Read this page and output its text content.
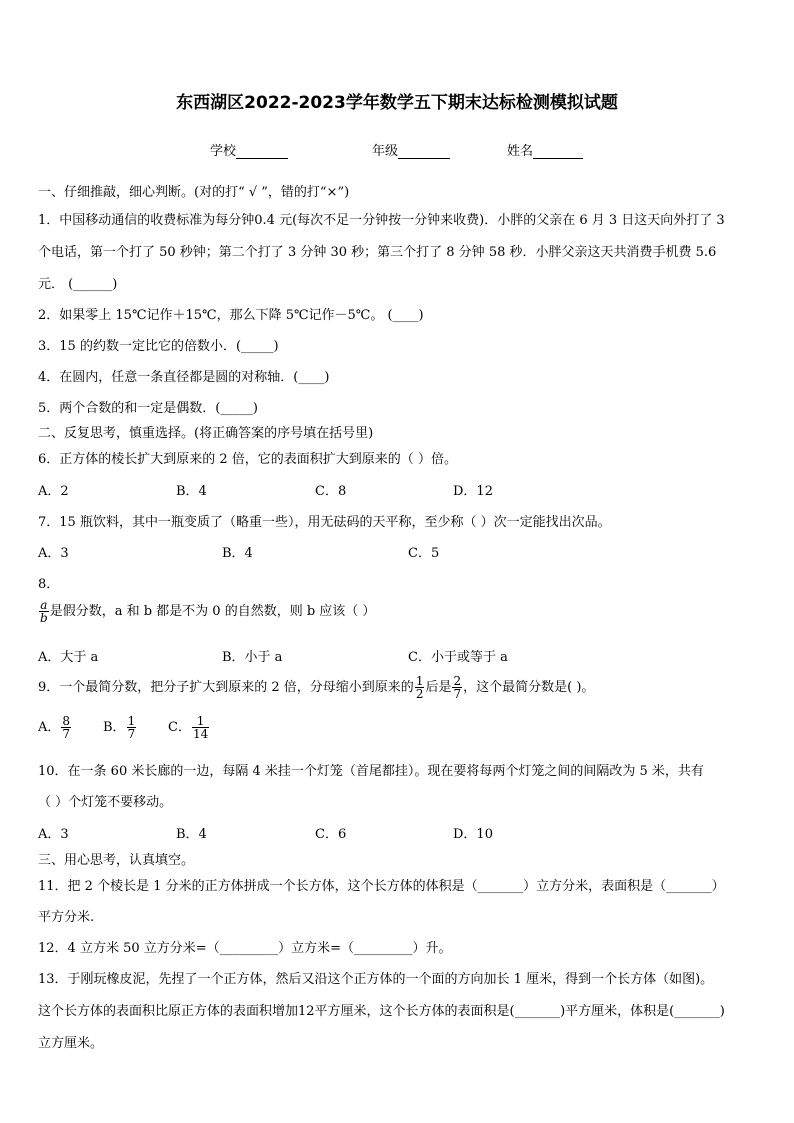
东西湖区2022-2023学年数学五下期末达标检测模拟试题
学校	年级	姓名
一、仔细推敲，细心判断。(对的打“ √ ”，错的打“×”)
1．中国移动通信的收费标准为每分钟0.4 元(每次不足一分钟按一分钟来收费)．小胖的父亲在 6 月 3 日这天向外打了 3
个电话，第一个打了 50 秒钟；第二个打了 3 分钟 30 秒；第三个打了 8 分钟 58 秒．小胖父亲这天共消费手机费 5.6
元． (______)
2．如果零上 15℃记作＋15℃，那么下降 5℃记作－5℃。 (____)
3．15 的约数一定比它的倍数小．(_____)
4．在圆内，任意一条直径都是圆的对称轴．(____)
5．两个合数的和一定是偶数．(_____)
二、反复思考，慎重选择。(将正确答案的序号填在括号里)
6．正方体的棱长扩大到原来的 2 倍，它的表面积扩大到原来的（ ）倍。
A．2	B．4	C．8	D．12
7．15 瓶饮料，其中一瓶变质了（略重一些），用无砝码的天平称，至少称（ ）次一定能找出次品。
A．3	B．4	C．5
8．
$\frac{a}{b}$ 是假分数，a 和 b 都是不为 0 的自然数，则 b 应该（ ）
A．大于 a	B．小于 a	C．小于或等于 a
9．一个最简分数，把分子扩大到原来的 2 倍，分母缩小到原来的 $\frac{1}{2}$ 后是 $\frac{2}{7}$ ，这个最简分数是( )。
A． $\frac{8}{7}$ B． $\frac{1}{7}$ C． $\frac{1}{14}$
10．在一条 60 米长廊的一边，每隔 4 米挂一个灯笼（首尾都挂）。现在要将每两个灯笼之间的间隔改为 5 米，共有
（ ）个灯笼不要移动。
A．3	B．4	C．6	D．10
三、用心思考，认真填空。
11．把 2 个棱长是 1 分米的正方体拼成一个长方体，这个长方体的体积是（_______）立方分米，表面积是（_______）
平方分米.
12．4 立方米 50 立方分米=（_________）立方米=（_________）升。
13．于刚玩橡皮泥，先捏了一个正方体，然后又沿这个正方体的一个面的方向加长 1 厘米，得到一个长方体（如图)。
这个长方体的表面积比原正方体的表面积增加12平方厘米，这个长方体的表面积是(_______)平方厘米，体积是(_______)
立方厘米。
